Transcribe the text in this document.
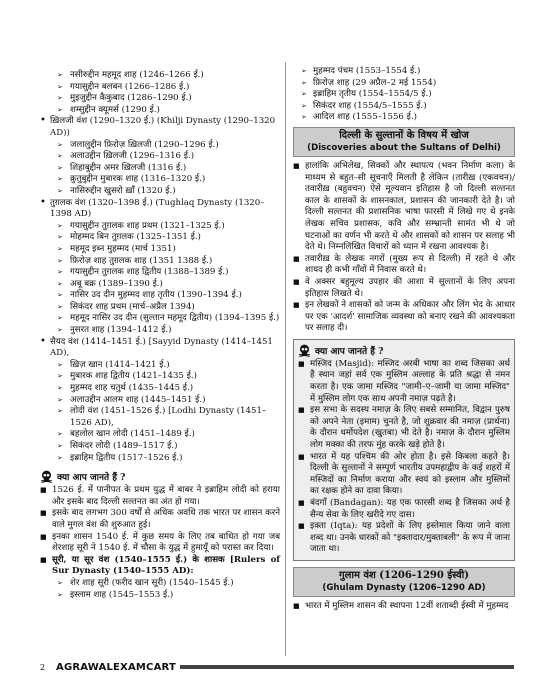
➢ नसीरुद्दीन महमूद शाह (1246–1266 ई.)
➢ गयासुद्दीन बलबन (1266–1286 ई.)
➢ मुइजुद्दीन कैकुबाद (1286–1290 ई.)
➢ शम्सुद्दीन क्यूमर्स (1290 ई.)
• ख़िलजी वंश (1290–1320 ई.) (Khilji Dynasty (1290–1320 AD))
➢ जलालुद्दीन फ़िरोज़ ख़िलजी (1290–1296 ई.)
➢ अलाउद्दीन ख़िलजी (1296–1316 ई.)
➢ शिहाबुद्दीन अमर ख़िलजी (1316 ई.)
➢ क़ुतुबुद्दीन मुबारक शाह (1316–1320 ई.)
➢ नासिरुद्दीन खुसरो ख़ाँ (1320 ई.)
• तुग़लक वंश (1320–1398 ई.) (Tughlaq Dynasty (1320–1398 AD)
➢ गयासुद्दीन तुग़लक शाह प्रथम (1321–1325 ई.)
➢ मोहम्मद बिन तुग़लक (1325–1351 ई.)
➢ महमूद इब्न मुहम्मद (मार्च 1351)
➢ फ़िरोज़ शाह तुग़लक शाह (1351 1388 ई.)
➢ गयासुद्दीन तुग़लक शाह द्वितीय (1388–1389 ई.)
➢ अबू बक्र (1389–1390 ई.)
➢ नासिर उद दीन मुहम्मद शाह तृतीय (1390–1394 ई.)
➢ सिकंदर शाह प्रथम (मार्च–अप्रैल 1394)
➢ महमूद नासिर उद दीन (सुल्तान महमूद द्वितीय) (1394–1395 ई.)
➢ नुसरत शाह (1394–1412 ई.)
• सैयद वंश (1414–1451 ई.) [Sayyid Dynasty (1414–1451 AD),
➢ ख़िज़ खान (1414–1421 ई.)
➢ मुबारक शाह द्वितीय (1421–1435 ई.)
➢ मुहम्मद शाह चतुर्थ (1435–1445 ई.)
➢ अलाउद्दीन आलम शाह (1445–1451 ई.)
➢ लोदी वंश (1451–1526 ई.) [Lodhi Dynasty (1451–1526 AD),
➢ बहलोल खान लोदी (1451–1489 ई.)
➢ सिकंदर लोदी (1489–1517 ई.)
➢ इब्राहिम द्वितीय (1517–1526 ई.)
क्या आप जानते हैं ?
■ 1526 ई. में पानीपत के प्रथम युद्ध में बाबर ने इब्राहिम लोदी को हराया और इसके बाद दिल्ली सल्तनत का अंत हो गया।
■ इसके बाद लगभग 300 वर्षों से अधिक अवधि तक भारत पर शासन करने वाले मुगल वंश की शुरुआत हुई।
■ इनका शासन 1540 ई. में कुछ समय के लिए तब बाधित हो गया जब शेरशाह सूरी ने 1540 ई. में चौसा के युद्ध में हुमायूँ को परास्त कर दिया।
■ सूरी, या सूर वंश (1540–1555 ई.) के शासक [Rulers of Sur Dynasty (1540–1555 AD):
➢ शेर शाह सूरी (फरीद खान सूरी) (1540–1545 ई.)
➢ इस्लाम शाह (1545–1553 ई.)
➢ मुहम्मद पंचम (1553–1554 ई.)
➢ फ़िरोज़ शाह (29 अप्रैल–2 मई 1554)
➢ इब्राहिम तृतीय (1554–1554/5 ई.)
➢ सिकंदर शाह (1554/5–1555 ई.)
➢ आदिल शाह (1555–1556 ई.)
दिल्ली के सुल्तानों के विषय में खोज
(Discoveries about the Sultans of Delhi)
■ हालांकि अभिलेख, सिक्कों और स्थापत्य (भवन निर्माण कला) के माध्यम से बहुत–सी सूचनाएँ मिलती है लेकिन (तारीख़ (एकवचन)/ तवारीख़ (बहुवचन) ऐसे मूल्यवान इतिहास है जो दिल्ली सल्तनत काल के शासकों के शासनकाल, प्रशासन की जानकारी देते है। जो दिल्ली सल्तनत की प्रशासनिक भाषा फारसी में लिखे गए थे इनके लेखक सचिव प्रशासक, कवि और सम्भ्रान्ती सामंत भी थे जो घटनाओं का वर्णन भी करते थे और शासकों को शासन पर सलाह भी देते थे। निम्नलिखित विचारों को ध्यान में रखना आवश्यक है।
■ तवारीख़ के लेखक नगरों (मुख्य रूप से दिल्ली) में रहते थे और शायद ही कभी गाँवों में निवास करते थे।
■ वे अक्सर बहुमूल्य उपहार की आशा में सुल्तानों के लिए अपना इतिहास लिखते थे।
■ इन लेखकों ने शासकों को जन्म के अधिकार और लिंग भेद के आधार पर एक 'आदर्श' सामाजिक व्यवस्था को बनाए रखने की आवश्यकता पर सलाह दी।
क्या आप जानते हैं ?
■ मस्जिद (Masjid): मस्जिद अरबी भाषा का शब्द जिसका अर्थ है स्थान जहां सर्व एक मुस्लिम अल्लाह के प्रति श्रद्धा से नमन करता है। एक जामा मस्जिद "जामी–ए–जामी या जामा मस्जिद" में मुस्लिम लोग एक साथ अपनी नमाज़ पढ़ते है।
■ इस सभा के सदस्य नमाज़ के लिए सबसे सम्मानित, विद्वान पुरुष को अपने नेता (इमाम) चुनते है, जो शुक्रवार की नमाज़ (प्रार्थना) के दौरान धर्मोपदेश (खुतबा) भी देते है। नमाज़ के दौरान मुस्लिम लोग मक्का की तरफ मुंह करके खड़े होते है।
■ भारत में यह पश्चिम की ओर होता है। इसे किबला कहते है। दिल्ली के सुल्तानों ने सम्पूर्ण भारतीय उपमहाद्वीप के कई शहरों में मस्जिदों का निर्माण कराया और स्वयं को इस्लाम और मुस्लिमों का रक्षक होने का दावा किया।
■ बंदगाँ (Bandagan): यह एक फारसी शब्द है जिसका अर्थ है सैन्य सेवा के लिए खरीदे गए दास।
■ इक्ता (Iqta): यह प्रदेशों के लिए इस्तेमाल किया जाने वाला शब्द था। उनके धारकों को "इक्तादार/मुक्ताबली" के रूप में जाना जाता था।
गुलाम वंश (1206-1290 ईस्वी)
(Ghulam Dynasty (1206–1290 AD)
■ भारत में मुस्लिम शासन की स्थापना 12वीं शताब्दी ईस्वी में मुहम्मद
2	AGRAWALEXAMCART
